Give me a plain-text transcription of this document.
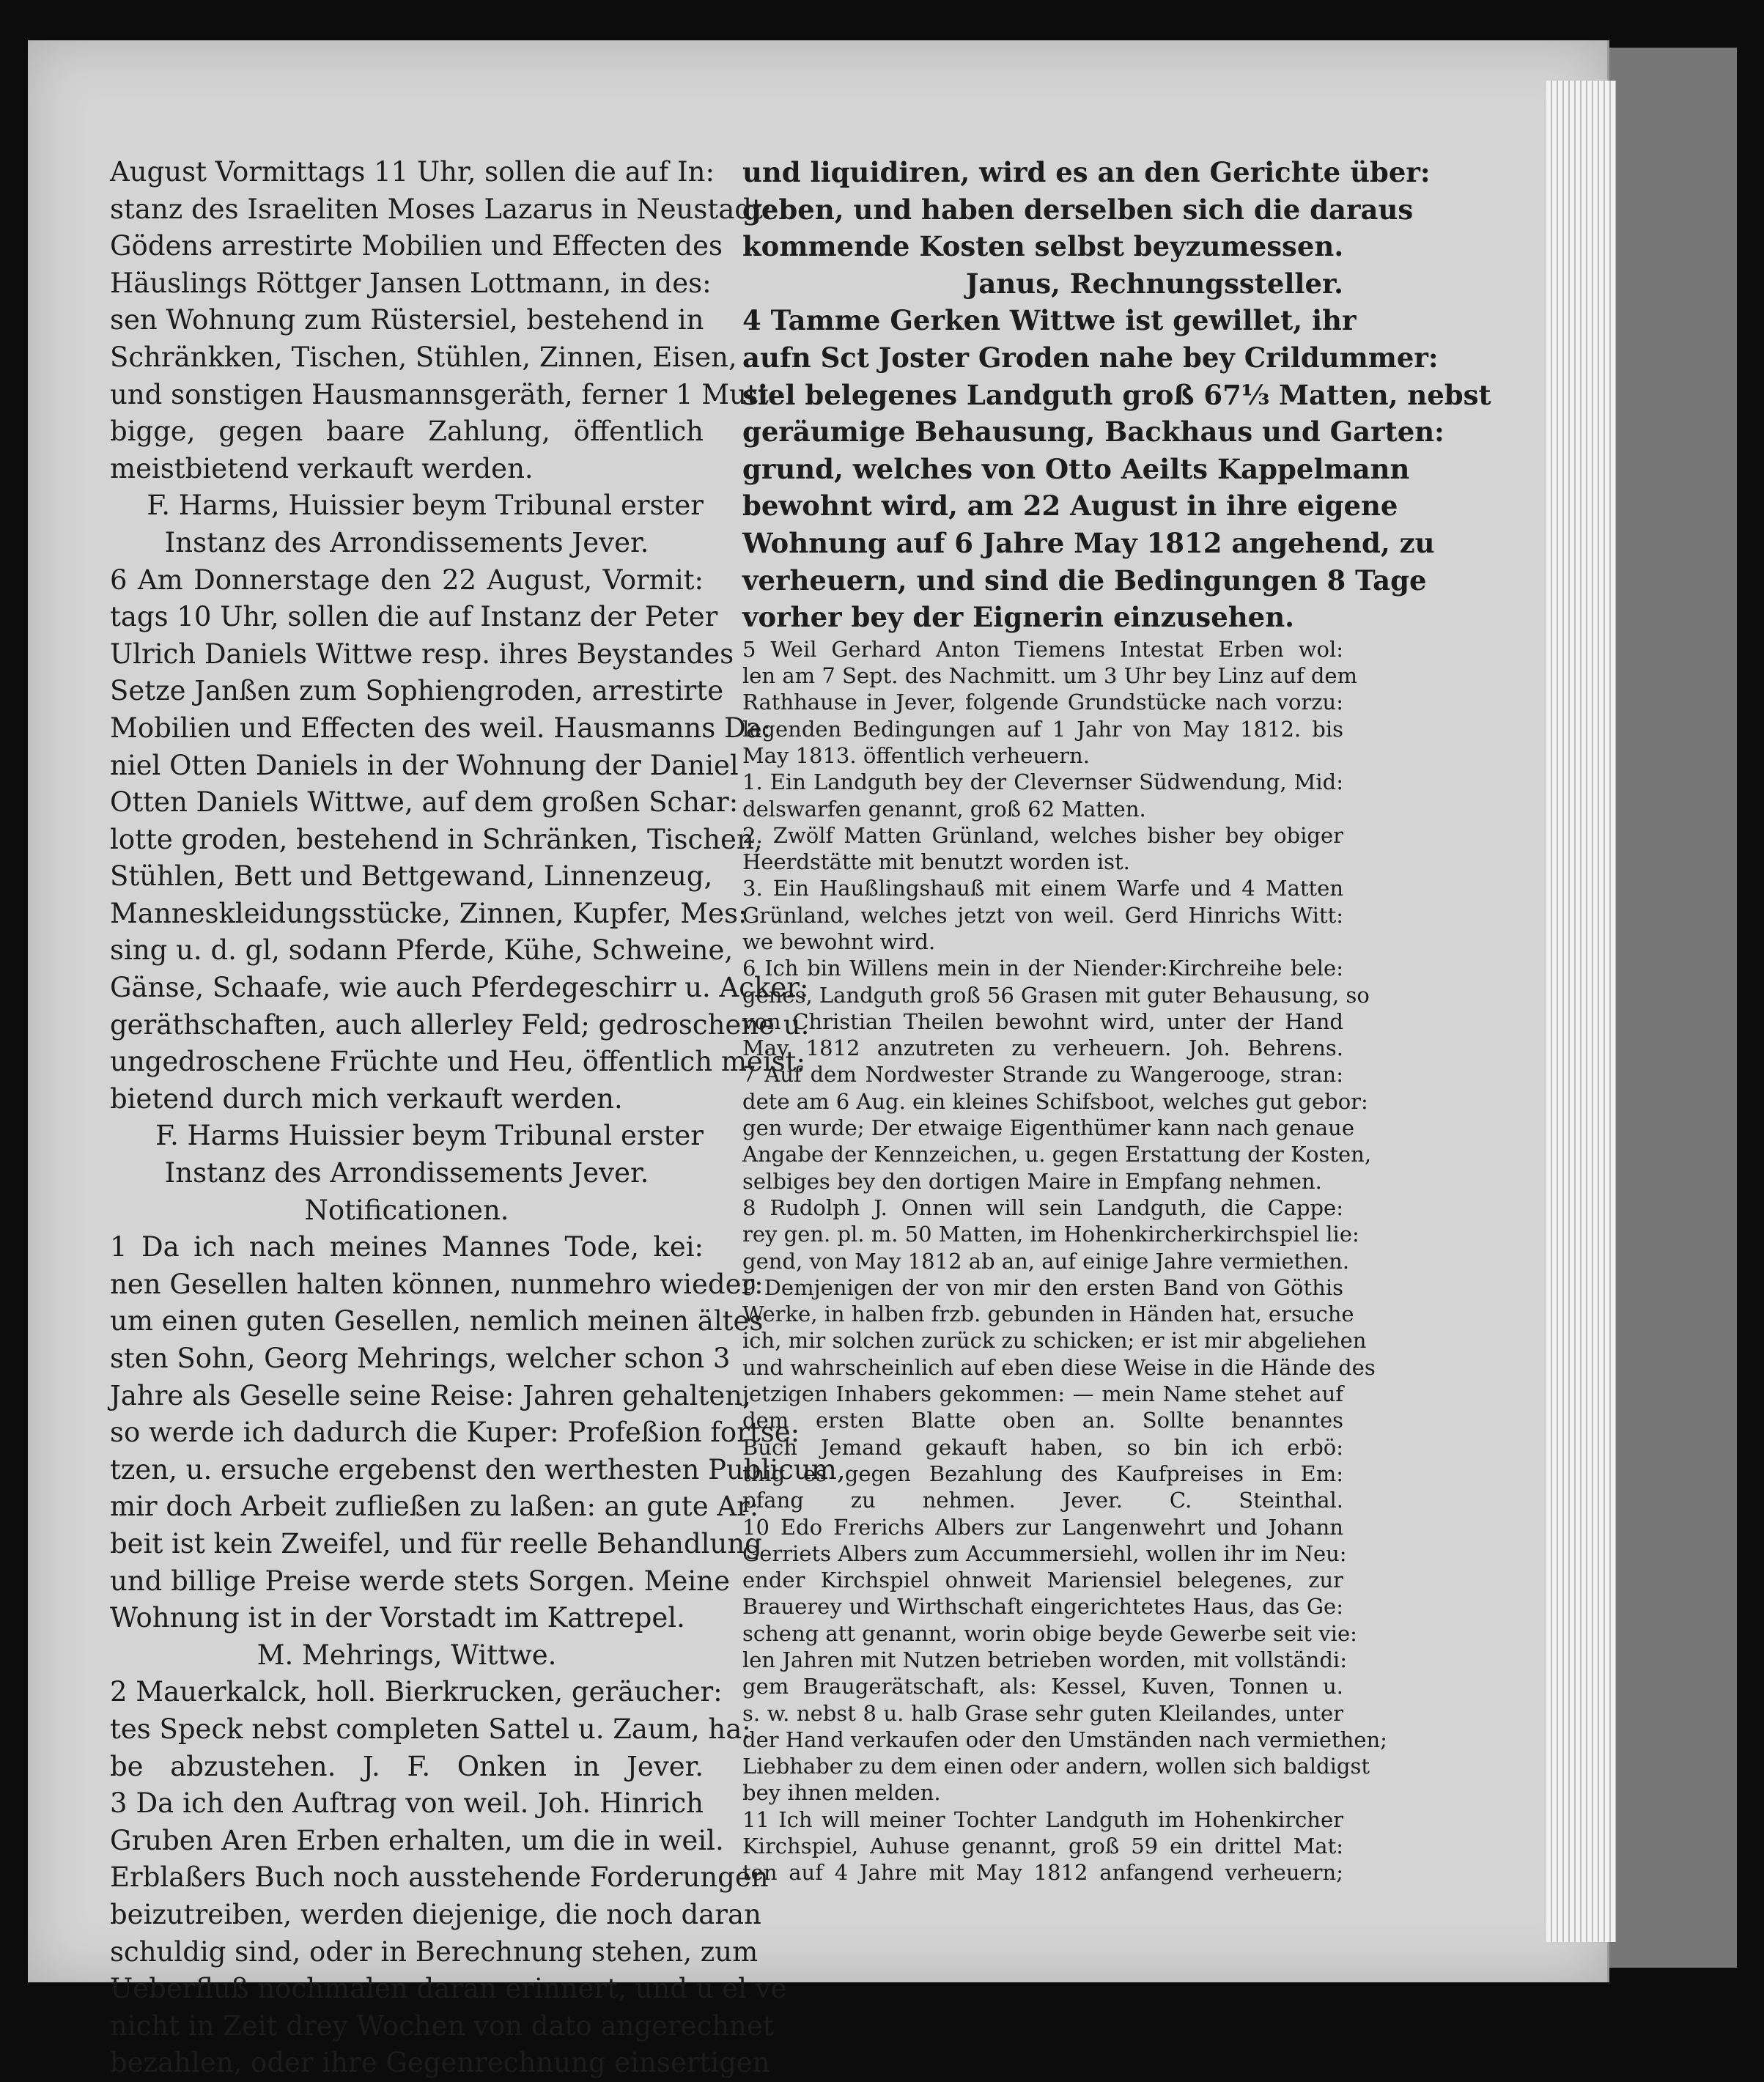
August Vormittags 11 Uhr, sollen die auf In:

stanz des Israeliten Moses Lazarus in Neustadt:

Gödens arrestirte Mobilien und Effecten des

Häuslings Röttger Jansen Lottmann, in des:

sen Wohnung zum Rüstersiel, bestehend in

Schränkken, Tischen, Stühlen, Zinnen, Eisen,

und sonstigen Hausmannsgeräth, ferner 1 Mutt:

bigge, gegen baare Zahlung, öffentlich

meistbietend verkauft werden.

F. Harms, Huissier beym Tribunal erster

Instanz des Arrondissements Jever.

6 Am Donnerstage den 22 August, Vormit:

tags 10 Uhr, sollen die auf Instanz der Peter

Ulrich Daniels Wittwe resp. ihres Beystandes

Setze Janßen zum Sophiengroden, arrestirte

Mobilien und Effecten des weil. Hausmanns Da:

niel Otten Daniels in der Wohnung der Daniel

Otten Daniels Wittwe, auf dem großen Schar:

lotte groden, bestehend in Schränken, Tischen,

Stühlen, Bett und Bettgewand, Linnenzeug,

Manneskleidungsstücke, Zinnen, Kupfer, Mes:

sing u. d. gl, sodann Pferde, Kühe, Schweine,

Gänse, Schaafe, wie auch Pferdegeschirr u. Acker:

geräthschaften, auch allerley Feld; gedroschene u.

ungedroschene Früchte und Heu, öffentlich meist:

bietend durch mich verkauft werden.

F. Harms Huissier beym Tribunal erster

Instanz des Arrondissements Jever.

Notificationen.

1 Da ich nach meines Mannes Tode, kei:

nen Gesellen halten können, nunmehro wieder:

um einen guten Gesellen, nemlich meinen ältes

sten Sohn, Georg Mehrings, welcher schon 3

Jahre als Geselle seine Reise: Jahren gehalten,

so werde ich dadurch die Kuper: Profeßion fortse:

tzen, u. ersuche ergebenst den werthesten Publicum,

mir doch Arbeit zufließen zu laßen: an gute Ar:

beit ist kein Zweifel, und für reelle Behandlung

und billige Preise werde stets Sorgen. Meine

Wohnung ist in der Vorstadt im Kattrepel.

M. Mehrings, Wittwe.

2 Mauerkalck, holl. Bierkrucken, geräucher:

tes Speck nebst completen Sattel u. Zaum, ha:

be abzustehen. J. F. Onken in Jever.

3 Da ich den Auftrag von weil. Joh. Hinrich

Gruben Aren Erben erhalten, um die in weil.

Erblaßers Buch noch ausstehende Forderungen

beizutreiben, werden diejenige, die noch daran

schuldig sind, oder in Berechnung stehen, zum

Ueberfluß nochmalen daran erinnert, und u el ve

nicht in Zeit drey Wochen von dato angerechnet

bezahlen, oder ihre Gegenrechnung einsertigen

und liquidiren, wird es an den Gerichte über:

geben, und haben derselben sich die daraus

kommende Kosten selbst beyzumessen.

Janus, Rechnungssteller.

4 Tamme Gerken Wittwe ist gewillet, ihr

aufn Sct Joster Groden nahe bey Crildummer:

siel belegenes Landguth groß 67⅓ Matten, nebst

geräumige Behausung, Backhaus und Garten:

grund, welches von Otto Aeilts Kappelmann

bewohnt wird, am 22 August in ihre eigene

Wohnung auf 6 Jahre May 1812 angehend, zu

verheuern, und sind die Bedingungen 8 Tage

vorher bey der Eignerin einzusehen.

5 Weil Gerhard Anton Tiemens Intestat Erben wol:

len am 7 Sept. des Nachmitt. um 3 Uhr bey Linz auf dem

Rathhause in Jever, folgende Grundstücke nach vorzu:

legenden Bedingungen auf 1 Jahr von May 1812. bis

May 1813. öffentlich verheuern.

1. Ein Landguth bey der Clevernser Südwendung, Mid:

delswarfen genannt, groß 62 Matten.

2. Zwölf Matten Grünland, welches bisher bey obiger

Heerdstätte mit benutzt worden ist.

3. Ein Haußlingshauß mit einem Warfe und 4 Matten

Grünland, welches jetzt von weil. Gerd Hinrichs Witt:

we bewohnt wird.

6 Ich bin Willens mein in der Niender:Kirchreihe bele:

genes, Landguth groß 56 Grasen mit guter Behausung, so

von Christian Theilen bewohnt wird, unter der Hand

May 1812 anzutreten zu verheuern. Joh. Behrens.

7 Auf dem Nordwester Strande zu Wangerooge, stran:

dete am 6 Aug. ein kleines Schifsboot, welches gut gebor:

gen wurde; Der etwaige Eigenthümer kann nach genaue

Angabe der Kennzeichen, u. gegen Erstattung der Kosten,

selbiges bey den dortigen Maire in Empfang nehmen.

8 Rudolph J. Onnen will sein Landguth, die Cappe:

rey gen. pl. m. 50 Matten, im Hohenkircherkirchspiel lie:

gend, von May 1812 ab an, auf einige Jahre vermiethen.

9 Demjenigen der von mir den ersten Band von Göthis

Werke, in halben frzb. gebunden in Händen hat, ersuche

ich, mir solchen zurück zu schicken; er ist mir abgeliehen

und wahrscheinlich auf eben diese Weise in die Hände des

jetzigen Inhabers gekommen: — mein Name stehet auf

dem ersten Blatte oben an. Sollte benanntes

Buch Jemand gekauft haben, so bin ich erbö:

thig es gegen Bezahlung des Kaufpreises in Em:

pfang zu nehmen. Jever. C. Steinthal.

10 Edo Frerichs Albers zur Langenwehrt und Johann

Gerriets Albers zum Accummersiehl, wollen ihr im Neu:

ender Kirchspiel ohnweit Mariensiel belegenes, zur

Brauerey und Wirthschaft eingerichtetes Haus, das Ge:

scheng att genannt, worin obige beyde Gewerbe seit vie:

len Jahren mit Nutzen betrieben worden, mit vollständi:

gem Braugerätschaft, als: Kessel, Kuven, Tonnen u.

s. w. nebst 8 u. halb Grase sehr guten Kleilandes, unter

der Hand verkaufen oder den Umständen nach vermiethen;

Liebhaber zu dem einen oder andern, wollen sich baldigst

bey ihnen melden.

11 Ich will meiner Tochter Landguth im Hohenkircher

Kirchspiel, Auhuse genannt, groß 59 ein drittel Mat:

ten auf 4 Jahre mit May 1812 anfangend verheuern;
